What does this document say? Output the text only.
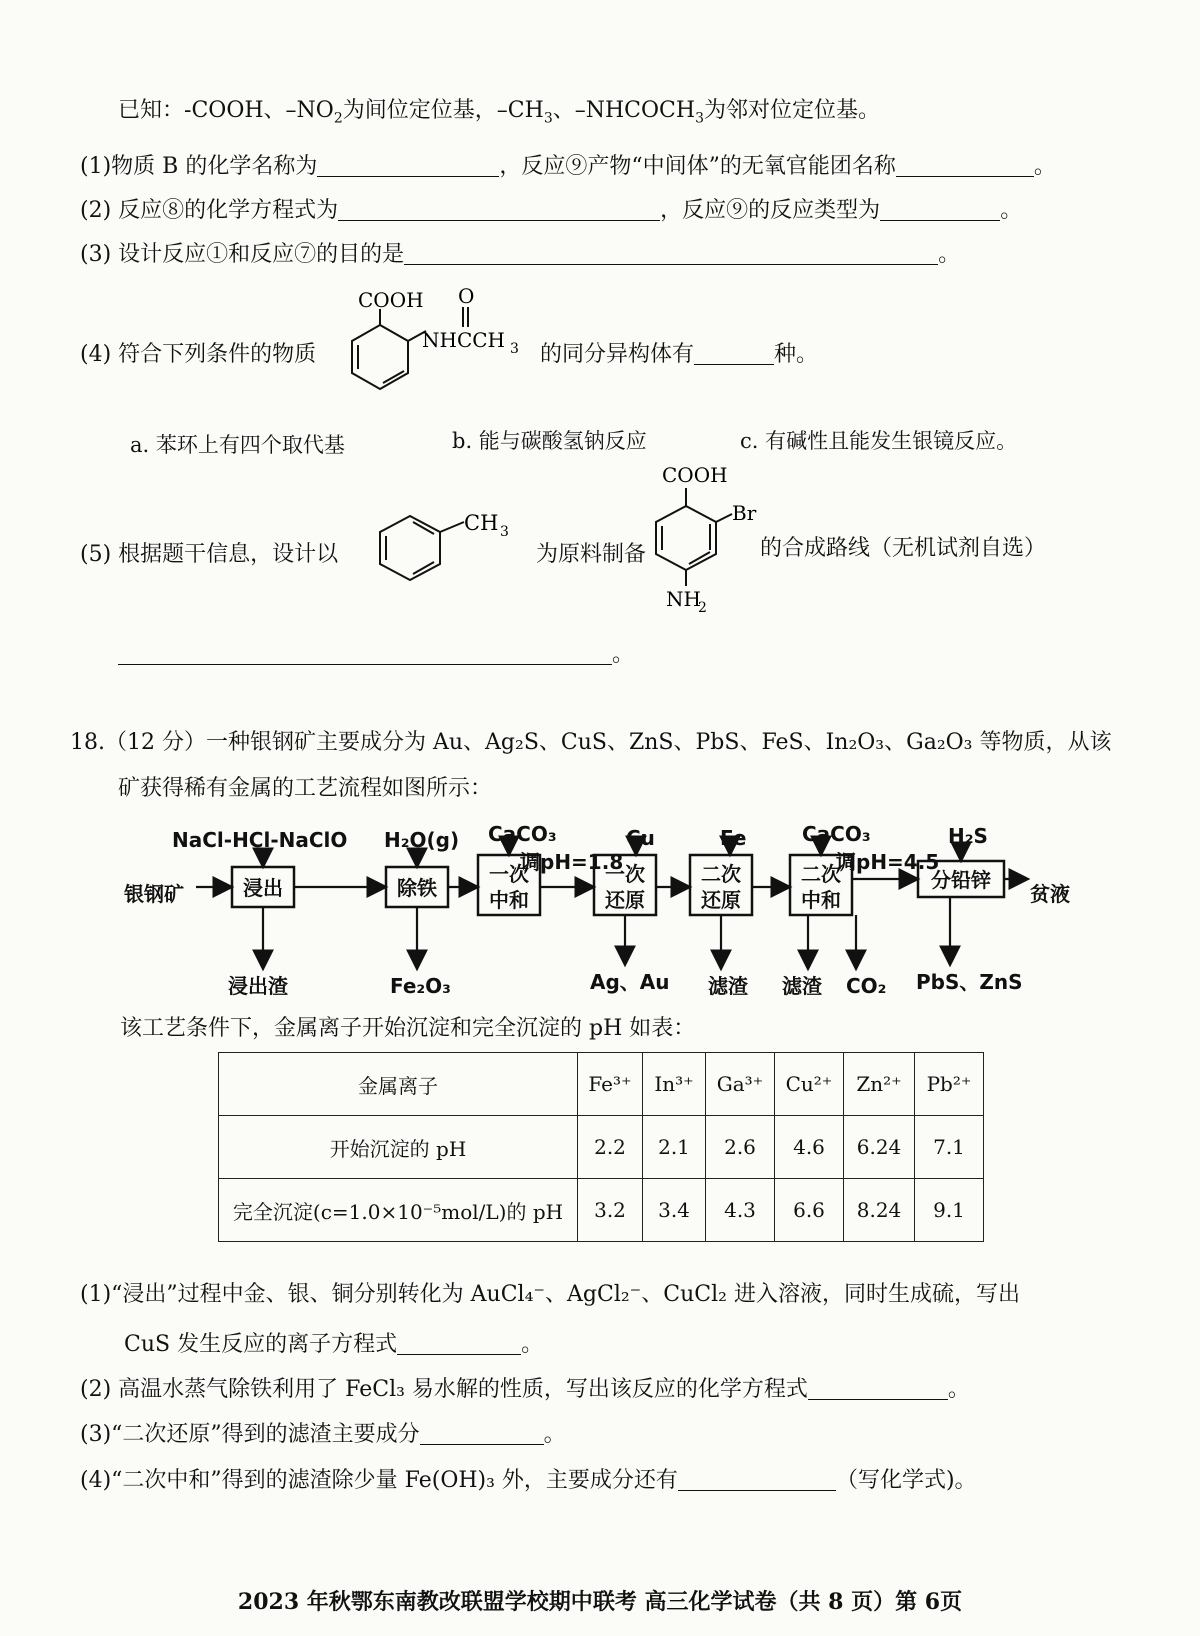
已知：-COOH、$-NO_2$为间位定位基，$-CH_3$、$-NHCOCH_3$为邻对位定位基。
(1)物质 B 的化学名称为	，反应⑨产物“中间体”的无氧官能团名称	。
(2) 反应⑧的化学方程式为	，反应⑨的反应类型为	。
(3) 设计反应①和反应⑦的目的是	。
(4) 符合下列条件的物质
COOH O
NHCCH 3 的同分异构体有	种。
a. 苯环上有四个取代基	b. 能与碳酸氢钠反应	c. 有碱性且能发生银镜反应。
(5) 根据题干信息，设计以
CH 3
为原料制备
COOH
Br
NH
2
的合成路线（无机试剂自选）
。
18.（12 分）一种银钢矿主要成分为 Au、Ag₂S、CuS、ZnS、PbS、FeS、In₂O₃、Ga₂O₃ 等物质，从该
矿获得稀有金属的工艺流程如图所示：
NaCl-HCl-NaClO H₂O(g) CaCO₃
调pH=1.8
Cu	Fe	CaCO₃
调pH=4.5
H₂S
银钢矿	贫液
浸出渣	Fe₂O₃	Ag、Au 滤渣 滤渣 CO₂ PbS、ZnS
浸出	除铁
一次
中和
一次
还原
二次
还原
二次
中和
分铅锌
该工艺条件下，金属离子开始沉淀和完全沉淀的 pH 如表：
金属离子	Fe³⁺	In³⁺	Ga³⁺	Cu²⁺	Zn²⁺	Pb²⁺
开始沉淀的 pH	2.2	2.1	2.6	4.6	6.24	7.1
完全沉淀(c=1.0×10⁻⁵mol/L)的 pH	3.2	3.4	4.3	6.6	8.24	9.1
(1)“浸出”过程中金、银、铜分别转化为 AuCl₄⁻、AgCl₂⁻、CuCl₂ 进入溶液，同时生成硫，写出
CuS 发生反应的离子方程式	。
(2) 高温水蒸气除铁利用了 FeCl₃ 易水解的性质，写出该反应的化学方程式	。
(3)“二次还原”得到的滤渣主要成分	。
(4)“二次中和”得到的滤渣除少量 Fe(OH)₃ 外，主要成分还有	（写化学式)。
2023 年秋鄂东南教改联盟学校期中联考 高三化学试卷（共 8 页）第 6页
